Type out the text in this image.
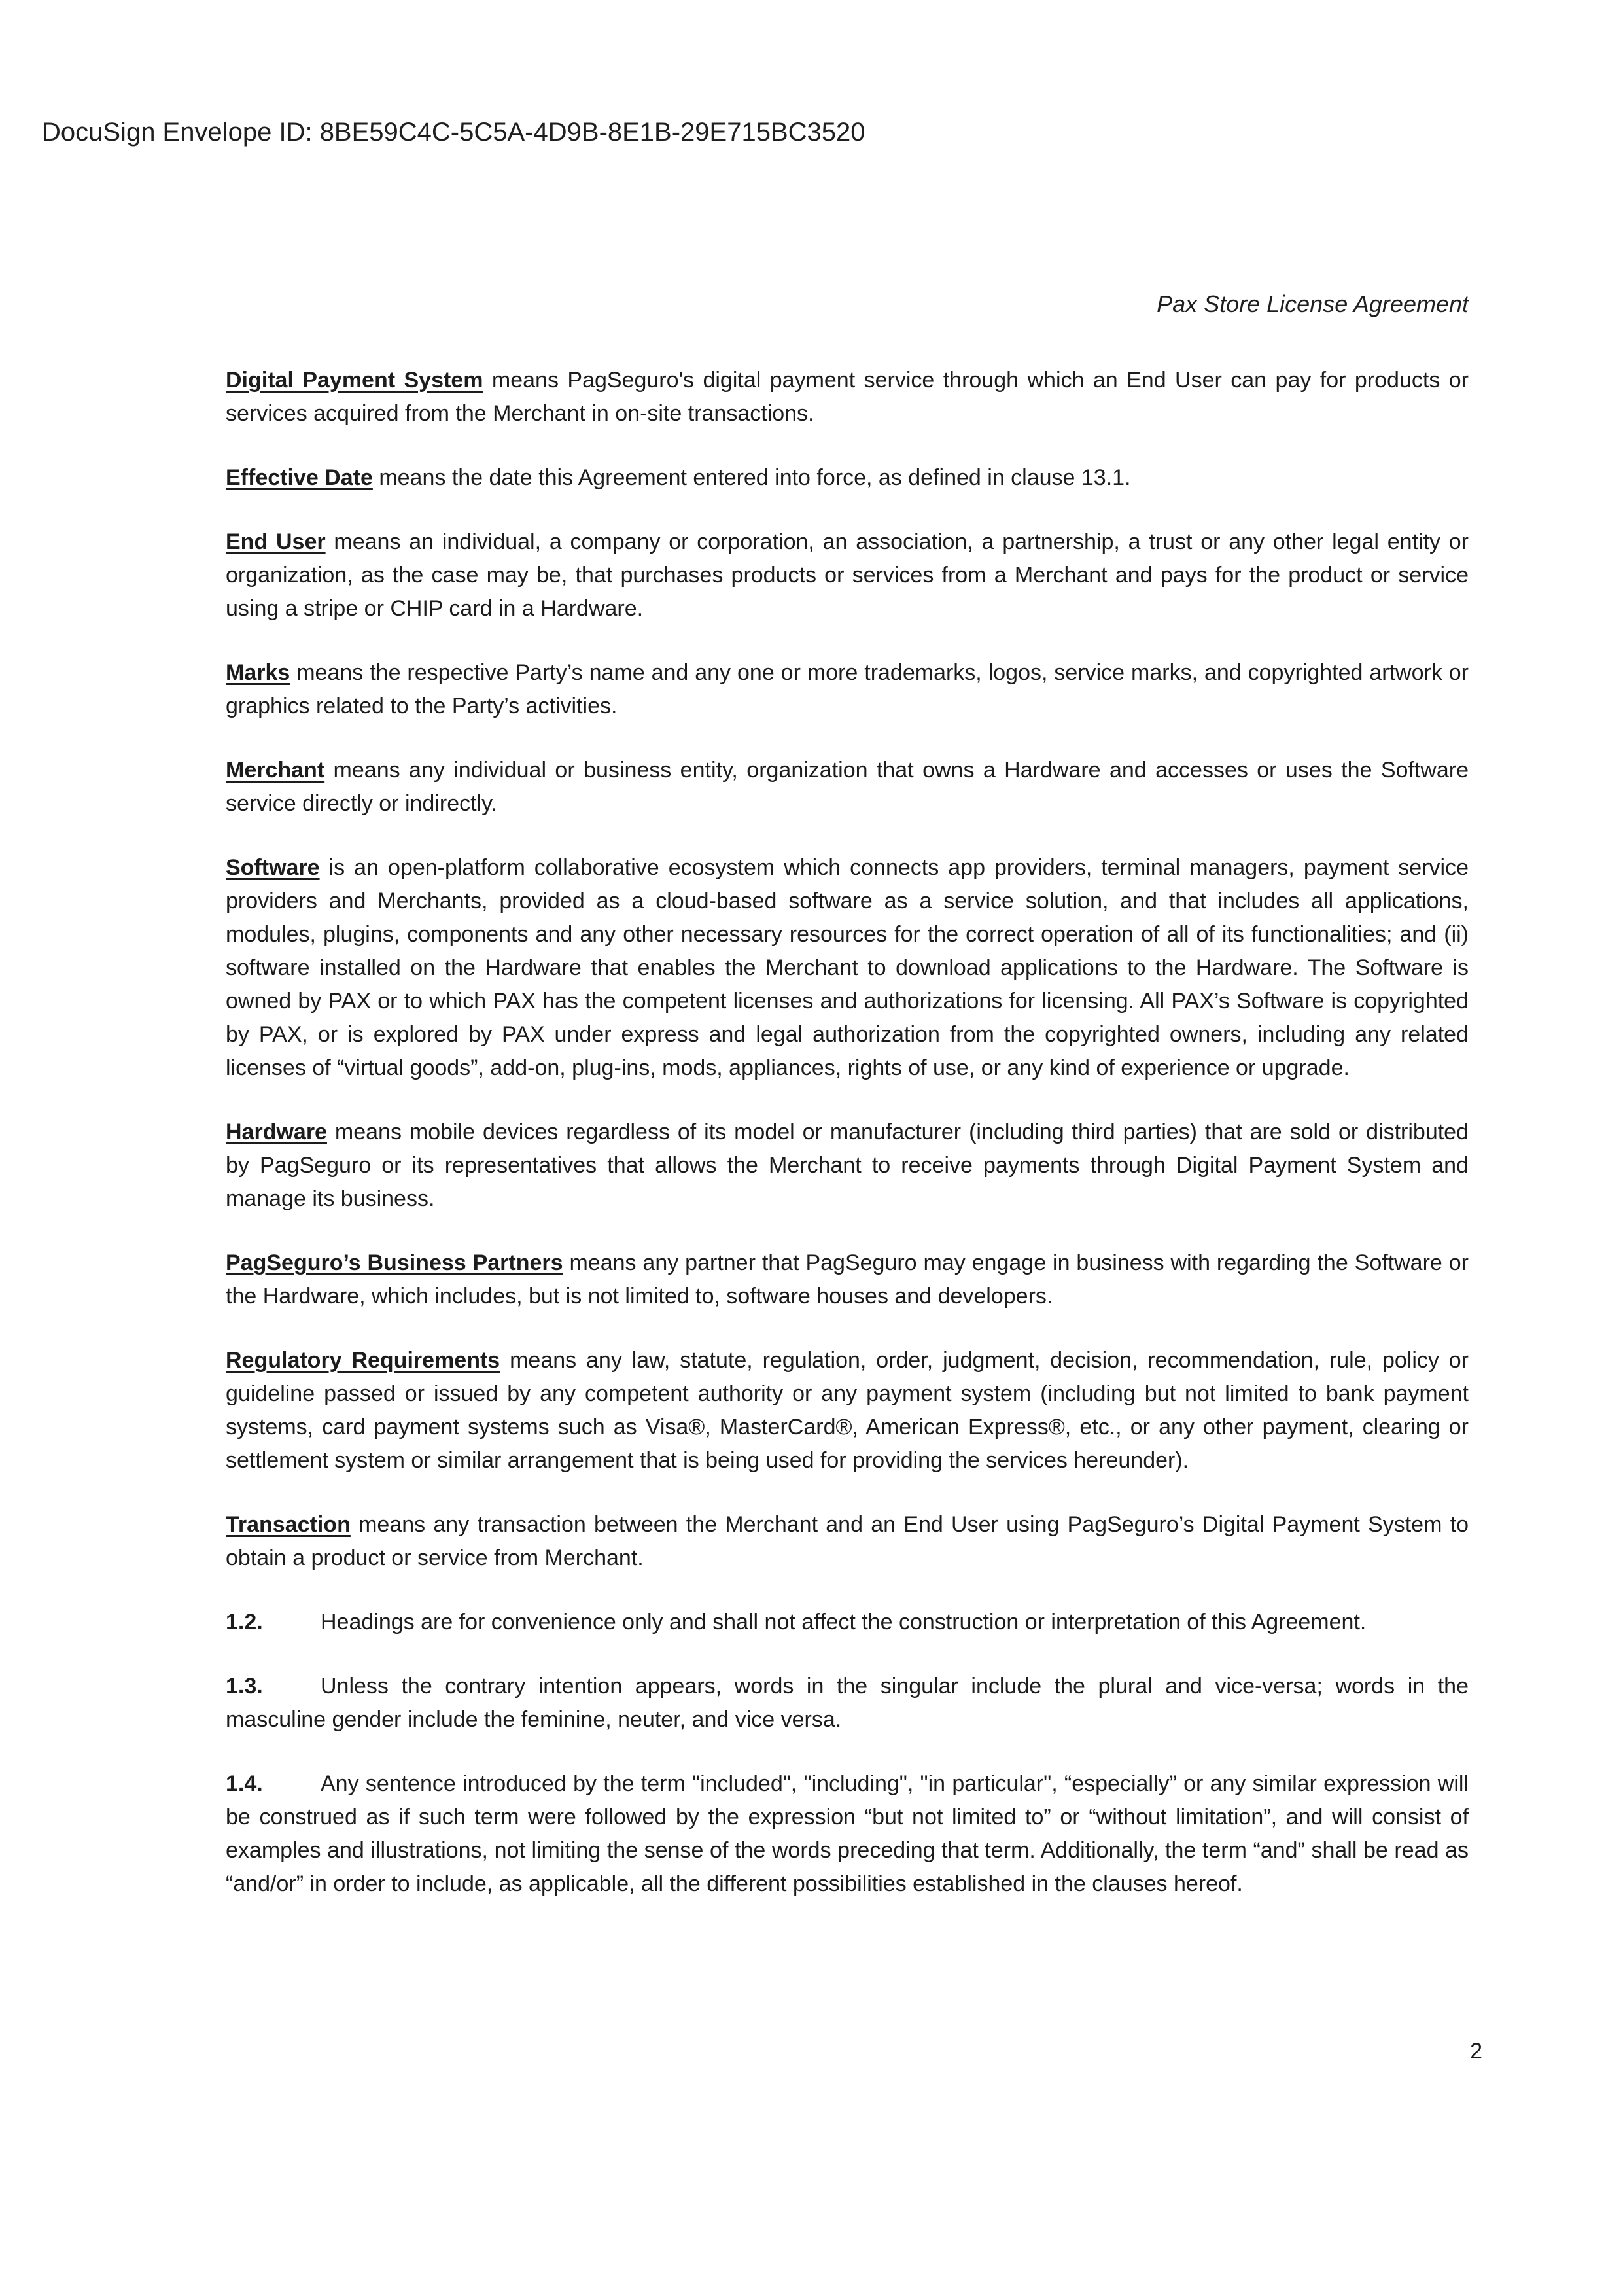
DocuSign Envelope ID: 8BE59C4C-5C5A-4D9B-8E1B-29E715BC3520
Pax Store License Agreement

Digital Payment System means PagSeguro's digital payment service through which an End User can pay for products or services acquired from the Merchant in on-site transactions.

Effective Date means the date this Agreement entered into force, as defined in clause 13.1.

End User means an individual, a company or corporation, an association, a partnership, a trust or any other legal entity or organization, as the case may be, that purchases products or services from a Merchant and pays for the product or service using a stripe or CHIP card in a Hardware.

Marks means the respective Party’s name and any one or more trademarks, logos, service marks, and copyrighted artwork or graphics related to the Party’s activities.

Merchant means any individual or business entity, organization that owns a Hardware and accesses or uses the Software service directly or indirectly.

Software is an open-platform collaborative ecosystem which connects app providers, terminal managers, payment service providers and Merchants, provided as a cloud-based software as a service solution, and that includes all applications, modules, plugins, components and any other necessary resources for the correct operation of all of its functionalities; and (ii) software installed on the Hardware that enables the Merchant to download applications to the Hardware. The Software is owned by PAX or to which PAX has the competent licenses and authorizations for licensing. All PAX’s Software is copyrighted by PAX, or is explored by PAX under express and legal authorization from the copyrighted owners, including any related licenses of “virtual goods”, add-on, plug-ins, mods, appliances, rights of use, or any kind of experience or upgrade.

Hardware means mobile devices regardless of its model or manufacturer (including third parties) that are sold or distributed by PagSeguro or its representatives that allows the Merchant to receive payments through Digital Payment System and manage its business.

PagSeguro’s Business Partners means any partner that PagSeguro may engage in business with regarding the Software or the Hardware, which includes, but is not limited to, software houses and developers.

Regulatory Requirements means any law, statute, regulation, order, judgment, decision, recommendation, rule, policy or guideline passed or issued by any competent authority or any payment system (including but not limited to bank payment systems, card payment systems such as Visa®, MasterCard®, American Express®, etc., or any other payment, clearing or settlement system or similar arrangement that is being used for providing the services hereunder).

Transaction means any transaction between the Merchant and an End User using PagSeguro’s Digital Payment System to obtain a product or service from Merchant.

1.2.	Headings are for convenience only and shall not affect the construction or interpretation of this Agreement.

1.3.	Unless the contrary intention appears, words in the singular include the plural and vice-versa; words in the masculine gender include the feminine, neuter, and vice versa.

1.4.	Any sentence introduced by the term "included", "including", "in particular", “especially” or any similar expression will be construed as if such term were followed by the expression “but not limited to” or “without limitation”, and will consist of examples and illustrations, not limiting the sense of the words preceding that term. Additionally, the term “and” shall be read as “and/or” in order to include, as applicable, all the different possibilities established in the clauses hereof.

2
